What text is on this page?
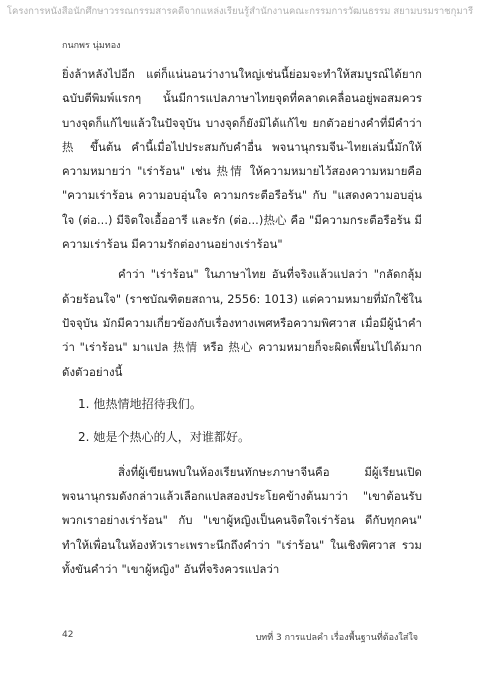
โครงการหนังสือนักศึกษาวรรณกรรมสารคดีจากแหล่งเรียนรู้สำนักงานคณะกรรมการวัฒนธรรม สยามบรมราชกุมารี
กนกพร นุ่มทอง

ยิ่งล้าหลังไปอีก แต่ก็แน่นอนว่างานใหญ่เช่นนี้ย่อมจะทำให้สมบูรณ์ได้ยาก ฉบับตีพิมพ์แรกๆ นั้นมีการแปลภาษาไทยจุดที่คลาดเคลื่อนอยู่พอสมควร บางจุดก็แก้ไขแล้วในปัจจุบัน บางจุดก็ยังมิได้แก้ไข ยกตัวอย่างคำที่มีคำว่า 热 ขึ้นต้น คำนี้เมื่อไปประสมกับคำอื่น พจนานุกรมจีน-ไทยเล่มนี้มักให้ความหมายว่า "เร่าร้อน" เช่น 热情 ให้ความหมายไว้สองความหมายคือ "ความเร่าร้อน ความอบอุ่นใจ ความกระตือรือร้น" กับ "แสดงความอบอุ่นใจ (ต่อ...) มีจิตใจเอื้ออารี และรัก (ต่อ...)热心 คือ "มีความกระตือรือร้น มีความเร่าร้อน มีความรักต่องานอย่างเร่าร้อน"

คำว่า "เร่าร้อน" ในภาษาไทย อันที่จริงแล้วแปลว่า "กลัดกลุ้มด้วยร้อนใจ" (ราชบัณฑิตยสถาน, 2556: 1013) แต่ความหมายที่มักใช้ในปัจจุบัน มักมีความเกี่ยวข้องกับเรื่องทางเพศหรือความพิศวาส เมื่อมีผู้นำคำว่า "เร่าร้อน" มาแปล 热情 หรือ 热心 ความหมายก็จะผิดเพี้ยนไปได้มาก ดังตัวอย่างนี้

1. 他热情地招待我们。
2. 她是个热心的人，对谁都好。

สิ่งที่ผู้เขียนพบในห้องเรียนทักษะภาษาจีนคือ มีผู้เรียนเปิดพจนานุกรมดังกล่าวแล้วเลือกแปลสองประโยคข้างต้นมาว่า "เขาต้อนรับพวกเราอย่างเร่าร้อน" กับ "เขาผู้หญิงเป็นคนจิตใจเร่าร้อน ดีกับทุกคน" ทำให้เพื่อนในห้องหัวเราะเพราะนึกถึงคำว่า "เร่าร้อน" ในเชิงพิศวาส รวมทั้งขันคำว่า "เขาผู้หญิง" อันที่จริงควรแปลว่า

42	บทที่ 3 การแปลคำ เรื่องพื้นฐานที่ต้องใส่ใจ
